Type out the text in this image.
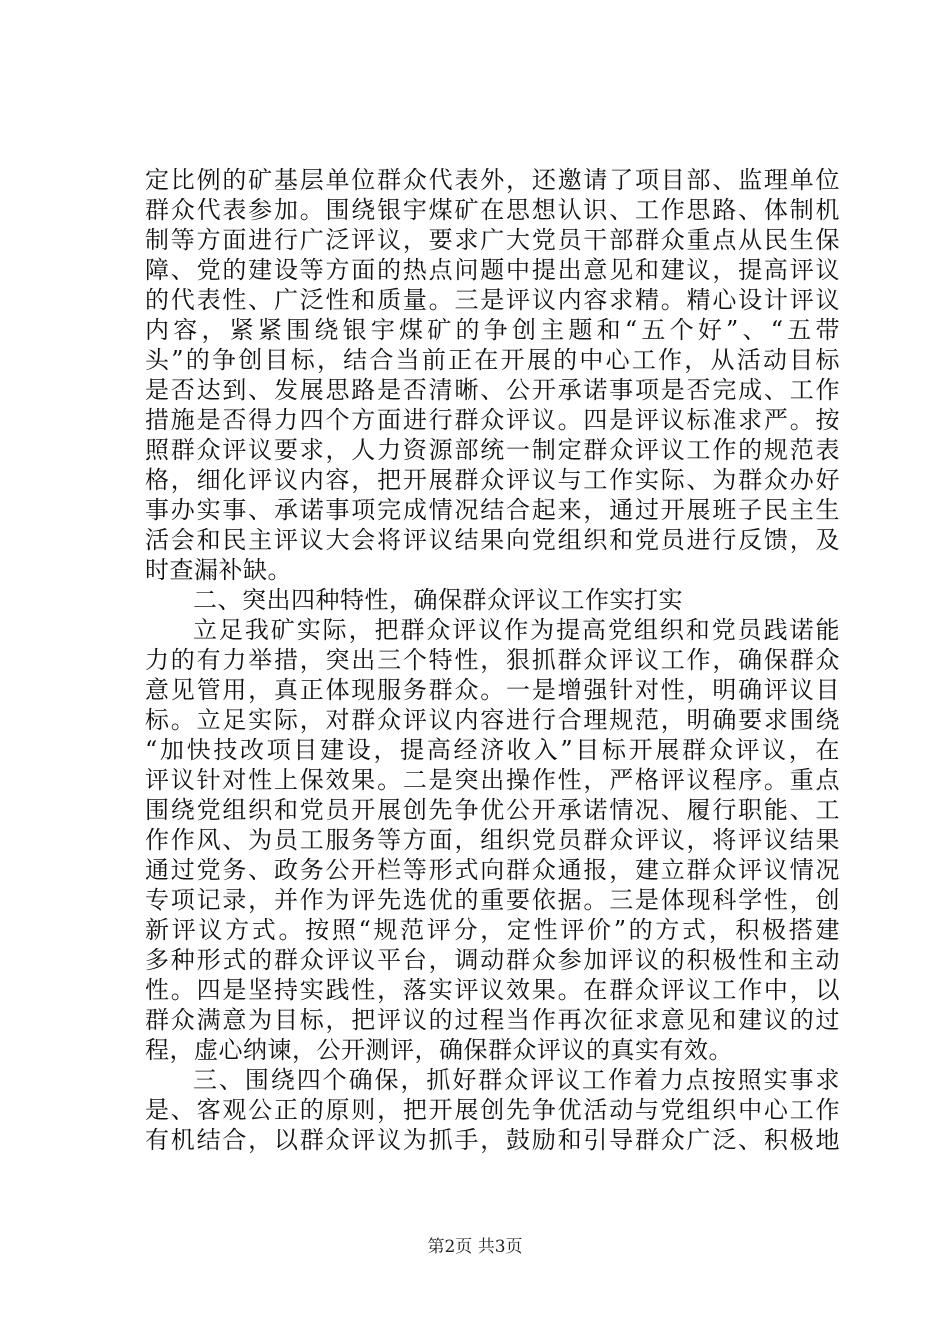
定比例的矿基层单位群众代表外，还邀请了项目部、监理单位
群众代表参加。围绕银宇煤矿在思想认识、工作思路、体制机
制等方面进行广泛评议，要求广大党员干部群众重点从民生保
障、党的建设等方面的热点问题中提出意见和建议，提高评议
的代表性、广泛性和质量。三是评议内容求精。精心设计评议
内容，紧紧围绕银宇煤矿的争创主题和“五个好”、“五带
头”的争创目标，结合当前正在开展的中心工作，从活动目标
是否达到、发展思路是否清晰、公开承诺事项是否完成、工作
措施是否得力四个方面进行群众评议。四是评议标准求严。按
照群众评议要求，人力资源部统一制定群众评议工作的规范表
格，细化评议内容，把开展群众评议与工作实际、为群众办好
事办实事、承诺事项完成情况结合起来，通过开展班子民主生
活会和民主评议大会将评议结果向党组织和党员进行反馈，及
时查漏补缺。
二、突出四种特性，确保群众评议工作实打实
立足我矿实际，把群众评议作为提高党组织和党员践诺能
力的有力举措，突出三个特性，狠抓群众评议工作，确保群众
意见管用，真正体现服务群众。一是增强针对性，明确评议目
标。立足实际，对群众评议内容进行合理规范，明确要求围绕
“加快技改项目建设，提高经济收入”目标开展群众评议，在
评议针对性上保效果。二是突出操作性，严格评议程序。重点
围绕党组织和党员开展创先争优公开承诺情况、履行职能、工
作作风、为员工服务等方面，组织党员群众评议，将评议结果
通过党务、政务公开栏等形式向群众通报，建立群众评议情况
专项记录，并作为评先选优的重要依据。三是体现科学性，创
新评议方式。按照“规范评分，定性评价”的方式，积极搭建
多种形式的群众评议平台，调动群众参加评议的积极性和主动
性。四是坚持实践性，落实评议效果。在群众评议工作中，以
群众满意为目标，把评议的过程当作再次征求意见和建议的过
程，虚心纳谏，公开测评，确保群众评议的真实有效。
三、围绕四个确保，抓好群众评议工作着力点按照实事求
是、客观公正的原则，把开展创先争优活动与党组织中心工作
有机结合，以群众评议为抓手，鼓励和引导群众广泛、积极地
第2页 共3页
